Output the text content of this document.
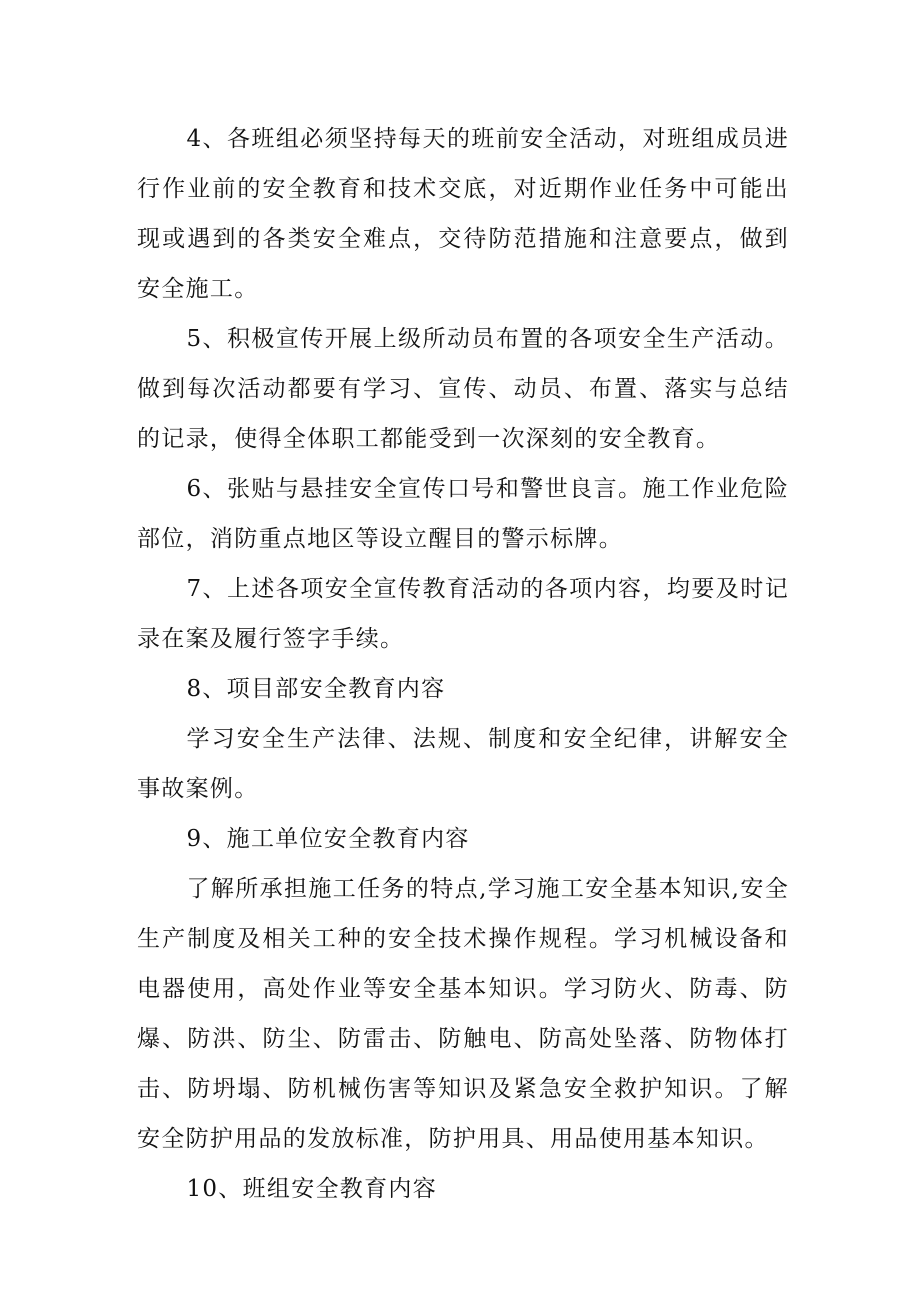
4、各班组必须坚持每天的班前安全活动，对班组成员进行作业前的安全教育和技术交底，对近期作业任务中可能出现或遇到的各类安全难点，交待防范措施和注意要点，做到安全施工。

5、积极宣传开展上级所动员布置的各项安全生产活动。做到每次活动都要有学习、宣传、动员、布置、落实与总结的记录，使得全体职工都能受到一次深刻的安全教育。

6、张贴与悬挂安全宣传口号和警世良言。施工作业危险部位，消防重点地区等设立醒目的警示标牌。

7、上述各项安全宣传教育活动的各项内容，均要及时记录在案及履行签字手续。

8、项目部安全教育内容

学习安全生产法律、法规、制度和安全纪律，讲解安全事故案例。

9、施工单位安全教育内容

了解所承担施工任务的特点,学习施工安全基本知识,安全生产制度及相关工种的安全技术操作规程。学习机械设备和电器使用，高处作业等安全基本知识。学习防火、防毒、防爆、防洪、防尘、防雷击、防触电、防高处坠落、防物体打击、防坍塌、防机械伤害等知识及紧急安全救护知识。了解安全防护用品的发放标准，防护用具、用品使用基本知识。

10、班组安全教育内容
